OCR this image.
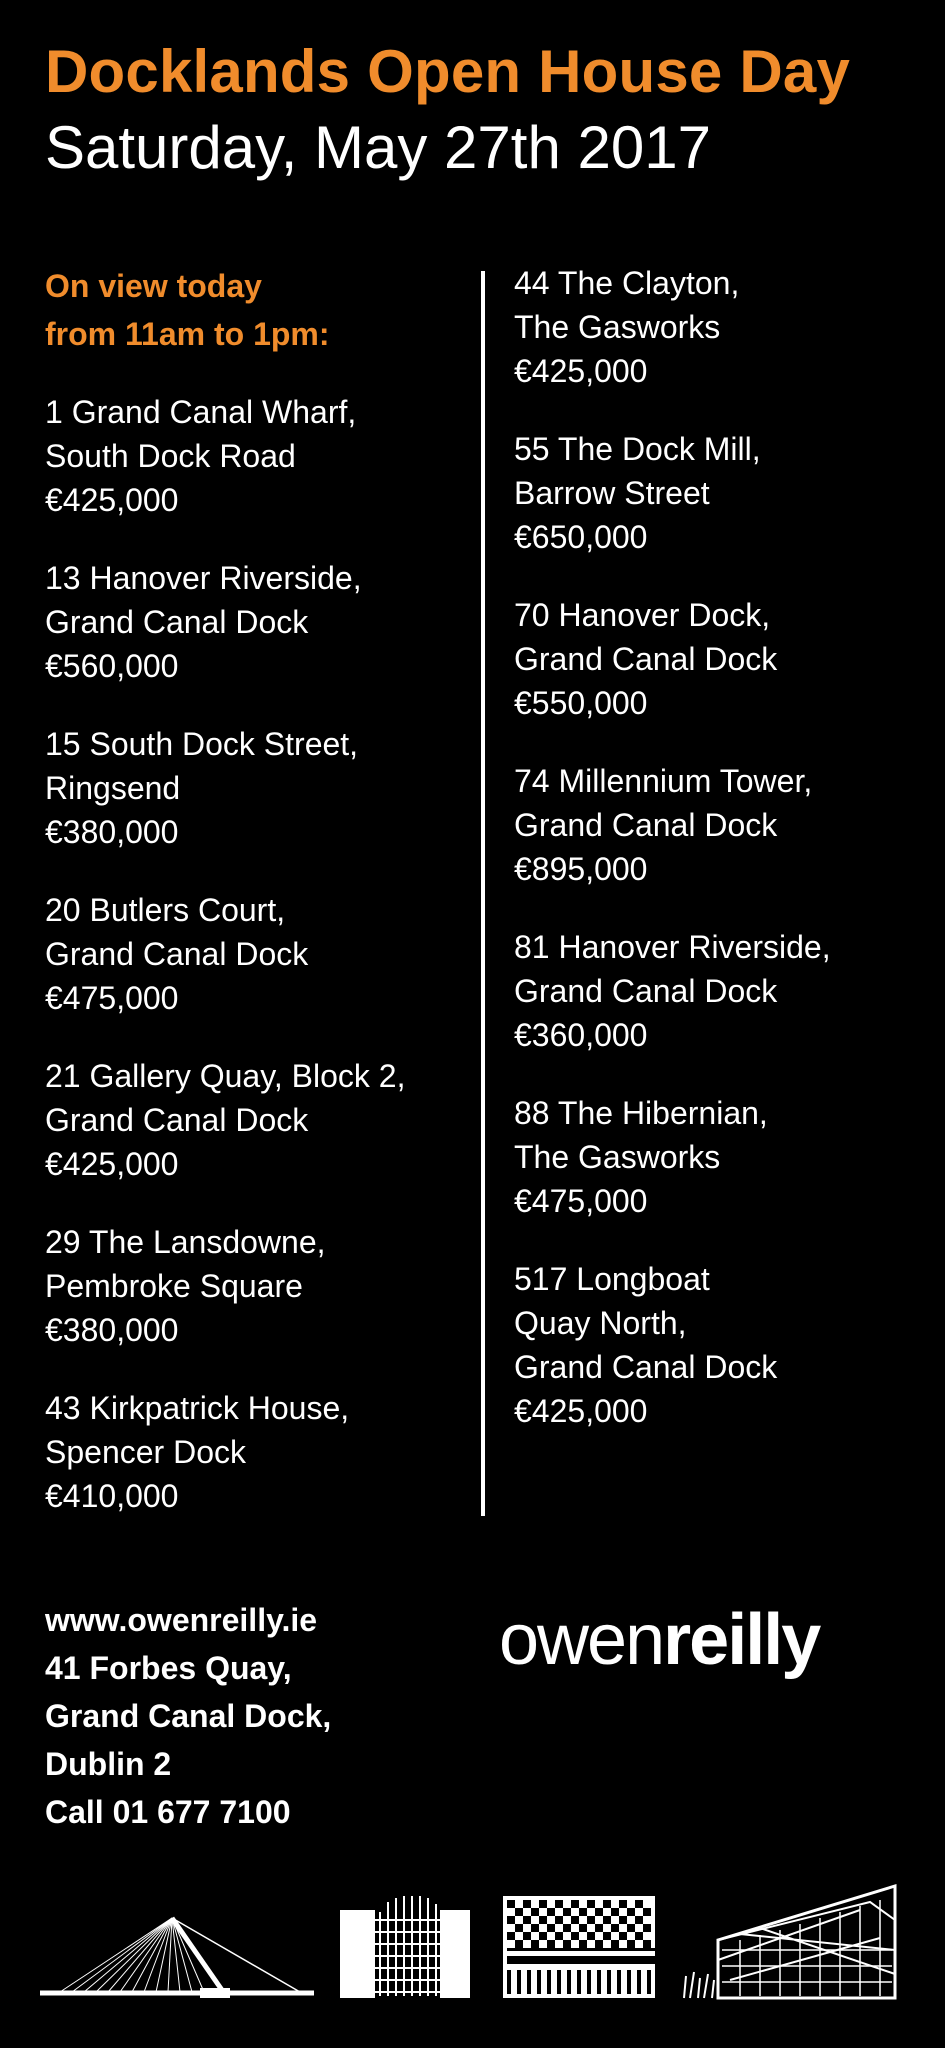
Docklands Open House Day
Saturday, May 27th 2017
On view today
from 11am to 1pm:
1 Grand Canal Wharf,
South Dock Road
€425,000
13 Hanover Riverside,
Grand Canal Dock
€560,000
15 South Dock Street,
Ringsend
€380,000
20 Butlers Court,
Grand Canal Dock
€475,000
21 Gallery Quay, Block 2,
Grand Canal Dock
€425,000
29 The Lansdowne,
Pembroke Square
€380,000
43 Kirkpatrick House,
Spencer Dock
€410,000
44 The Clayton,
The Gasworks
€425,000
55 The Dock Mill,
Barrow Street
€650,000
70 Hanover Dock,
Grand Canal Dock
€550,000
74 Millennium Tower,
Grand Canal Dock
€895,000
81 Hanover Riverside,
Grand Canal Dock
€360,000
88 The Hibernian,
The Gasworks
€475,000
517 Longboat
Quay North,
Grand Canal Dock
€425,000
www.owenreilly.ie
41 Forbes Quay,
Grand Canal Dock,
Dublin 2
Call 01 677 7100
owenreilly
